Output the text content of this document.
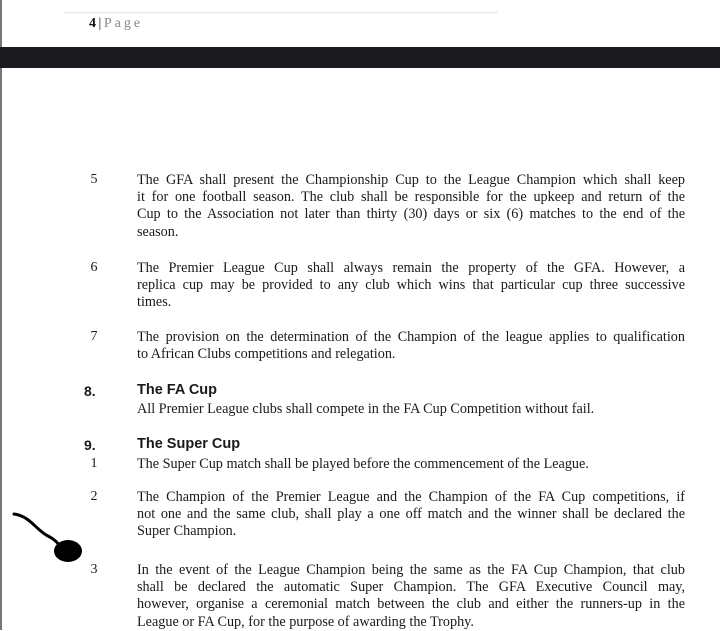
4|Page
5	The GFA shall present the Championship Cup to the League Champion which shall keep
it for one football season. The club shall be responsible for the upkeep and return of the
Cup to the Association not later than thirty (30) days or six (6) matches to the end of the
season.
6	The Premier League Cup shall always remain the property of the GFA. However, a
replica cup may be provided to any club which wins that particular cup three successive
times.
7	The provision on the determination of the Champion of the league applies to qualification
to African Clubs competitions and relegation.
8.	The FA Cup
All Premier League clubs shall compete in the FA Cup Competition without fail.
9.	The Super Cup
1	The Super Cup match shall be played before the commencement of the League.
2	The Champion of the Premier League and the Champion of the FA Cup competitions, if
not one and the same club, shall play a one off match and the winner shall be declared the
Super Champion.
3	In the event of the League Champion being the same as the FA Cup Champion, that club
shall be declared the automatic Super Champion. The GFA Executive Council may,
however, organise a ceremonial match between the club and either the runners-up in the
League or FA Cup, for the purpose of awarding the Trophy.
